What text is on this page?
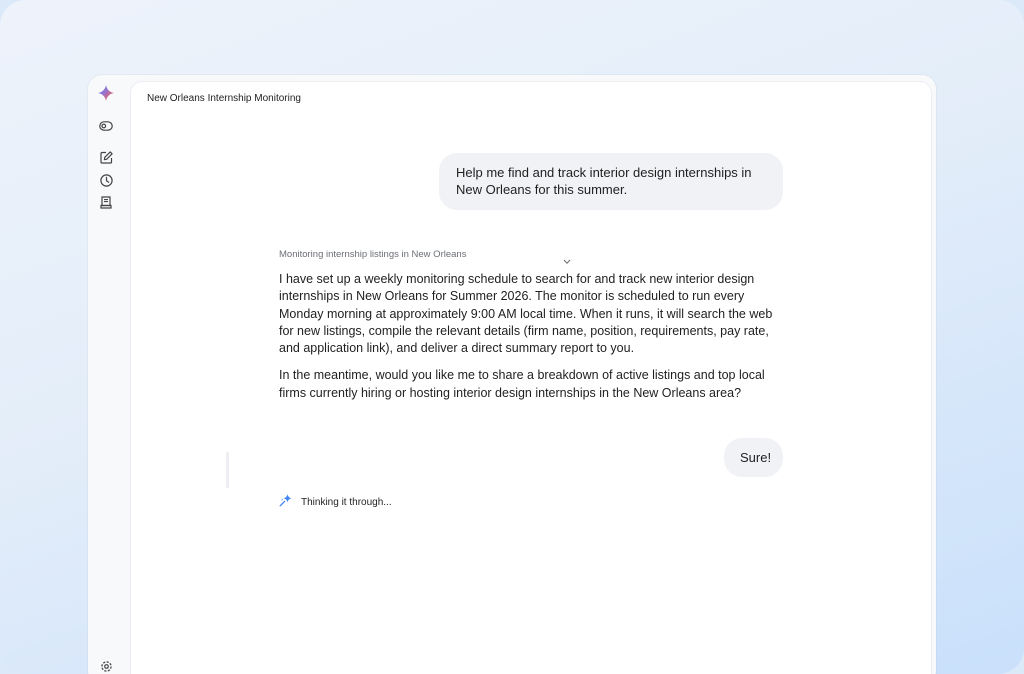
New Orleans Internship Monitoring
Help me find and track interior design internships in New Orleans for this summer.
Monitoring internship listings in New Orleans

I have set up a weekly monitoring schedule to search for and track new interior design internships in New Orleans for Summer 2026. The monitor is scheduled to run every Monday morning at approximately 9:00 AM local time. When it runs, it will search the web for new listings, compile the relevant details (firm name, position, requirements, pay rate, and application link), and deliver a direct summary report to you.

In the meantime, would you like me to share a breakdown of active listings and top local firms currently hiring or hosting interior design internships in the New Orleans area?

Sure!
Thinking it through...
